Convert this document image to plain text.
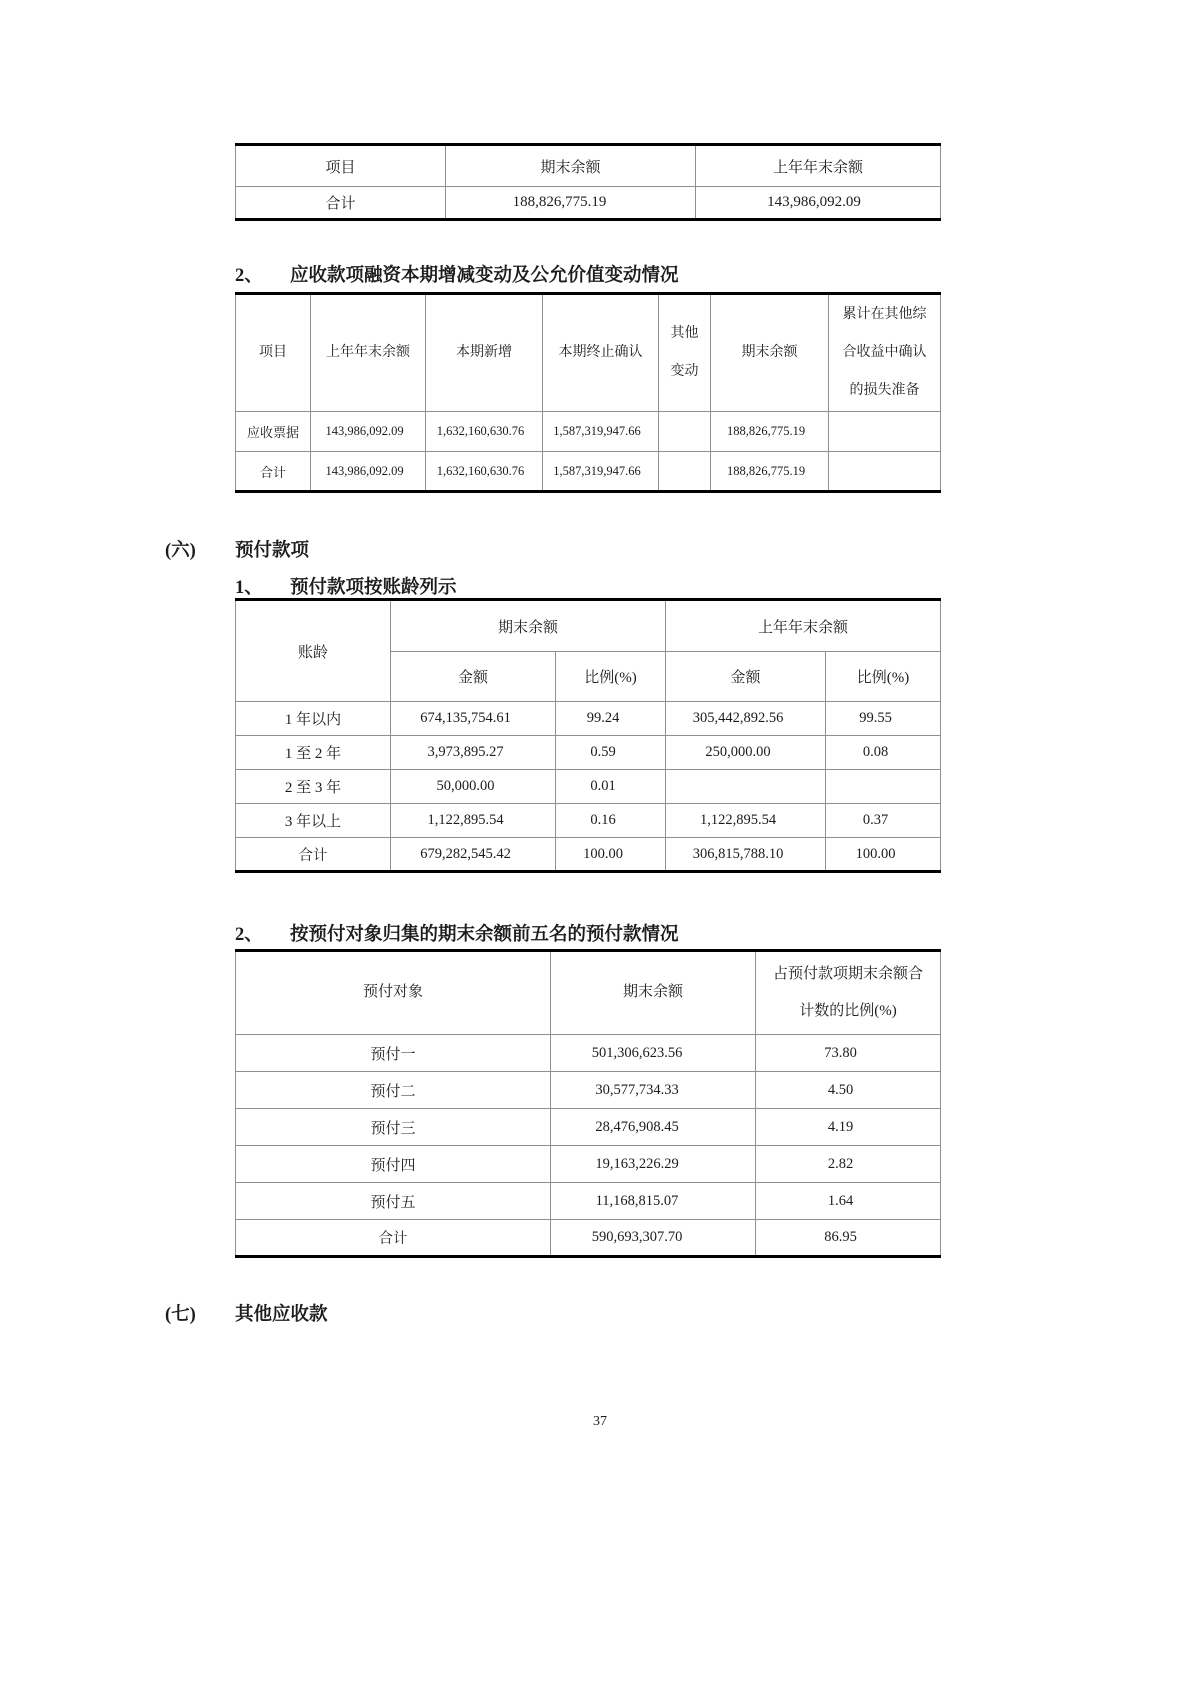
项目	期末余额	上年年末余额
合计	188,826,775.19	143,986,092.09
2、	应收款项融资本期增减变动及公允价值变动情况
项目	上年年末余额	本期新增	本期终止确认	其他变动	期末余额	累计在其他综合收益中确认的损失准备
应收票据	143,986,092.09	1,632,160,630.76	1,587,319,947.66		188,826,775.19	
合计	143,986,092.09	1,632,160,630.76	1,587,319,947.66		188,826,775.19	
(六)	预付款项
1、	预付款项按账龄列示
账龄	期末余额		上年年末余额	
	金额	比例(%)	金额	比例(%)
1 年以内	674,135,754.61	99.24	305,442,892.56	99.55
1 至 2 年	3,973,895.27	0.59	250,000.00	0.08
2 至 3 年	50,000.00	0.01		
3 年以上	1,122,895.54	0.16	1,122,895.54	0.37
合计	679,282,545.42	100.00	306,815,788.10	100.00
2、	按预付对象归集的期末余额前五名的预付款情况
预付对象	期末余额	占预付款项期末余额合计数的比例(%)
预付一	501,306,623.56	73.80
预付二	30,577,734.33	4.50
预付三	28,476,908.45	4.19
预付四	19,163,226.29	2.82
预付五	11,168,815.07	1.64
合计	590,693,307.70	86.95
(七)	其他应收款
37
